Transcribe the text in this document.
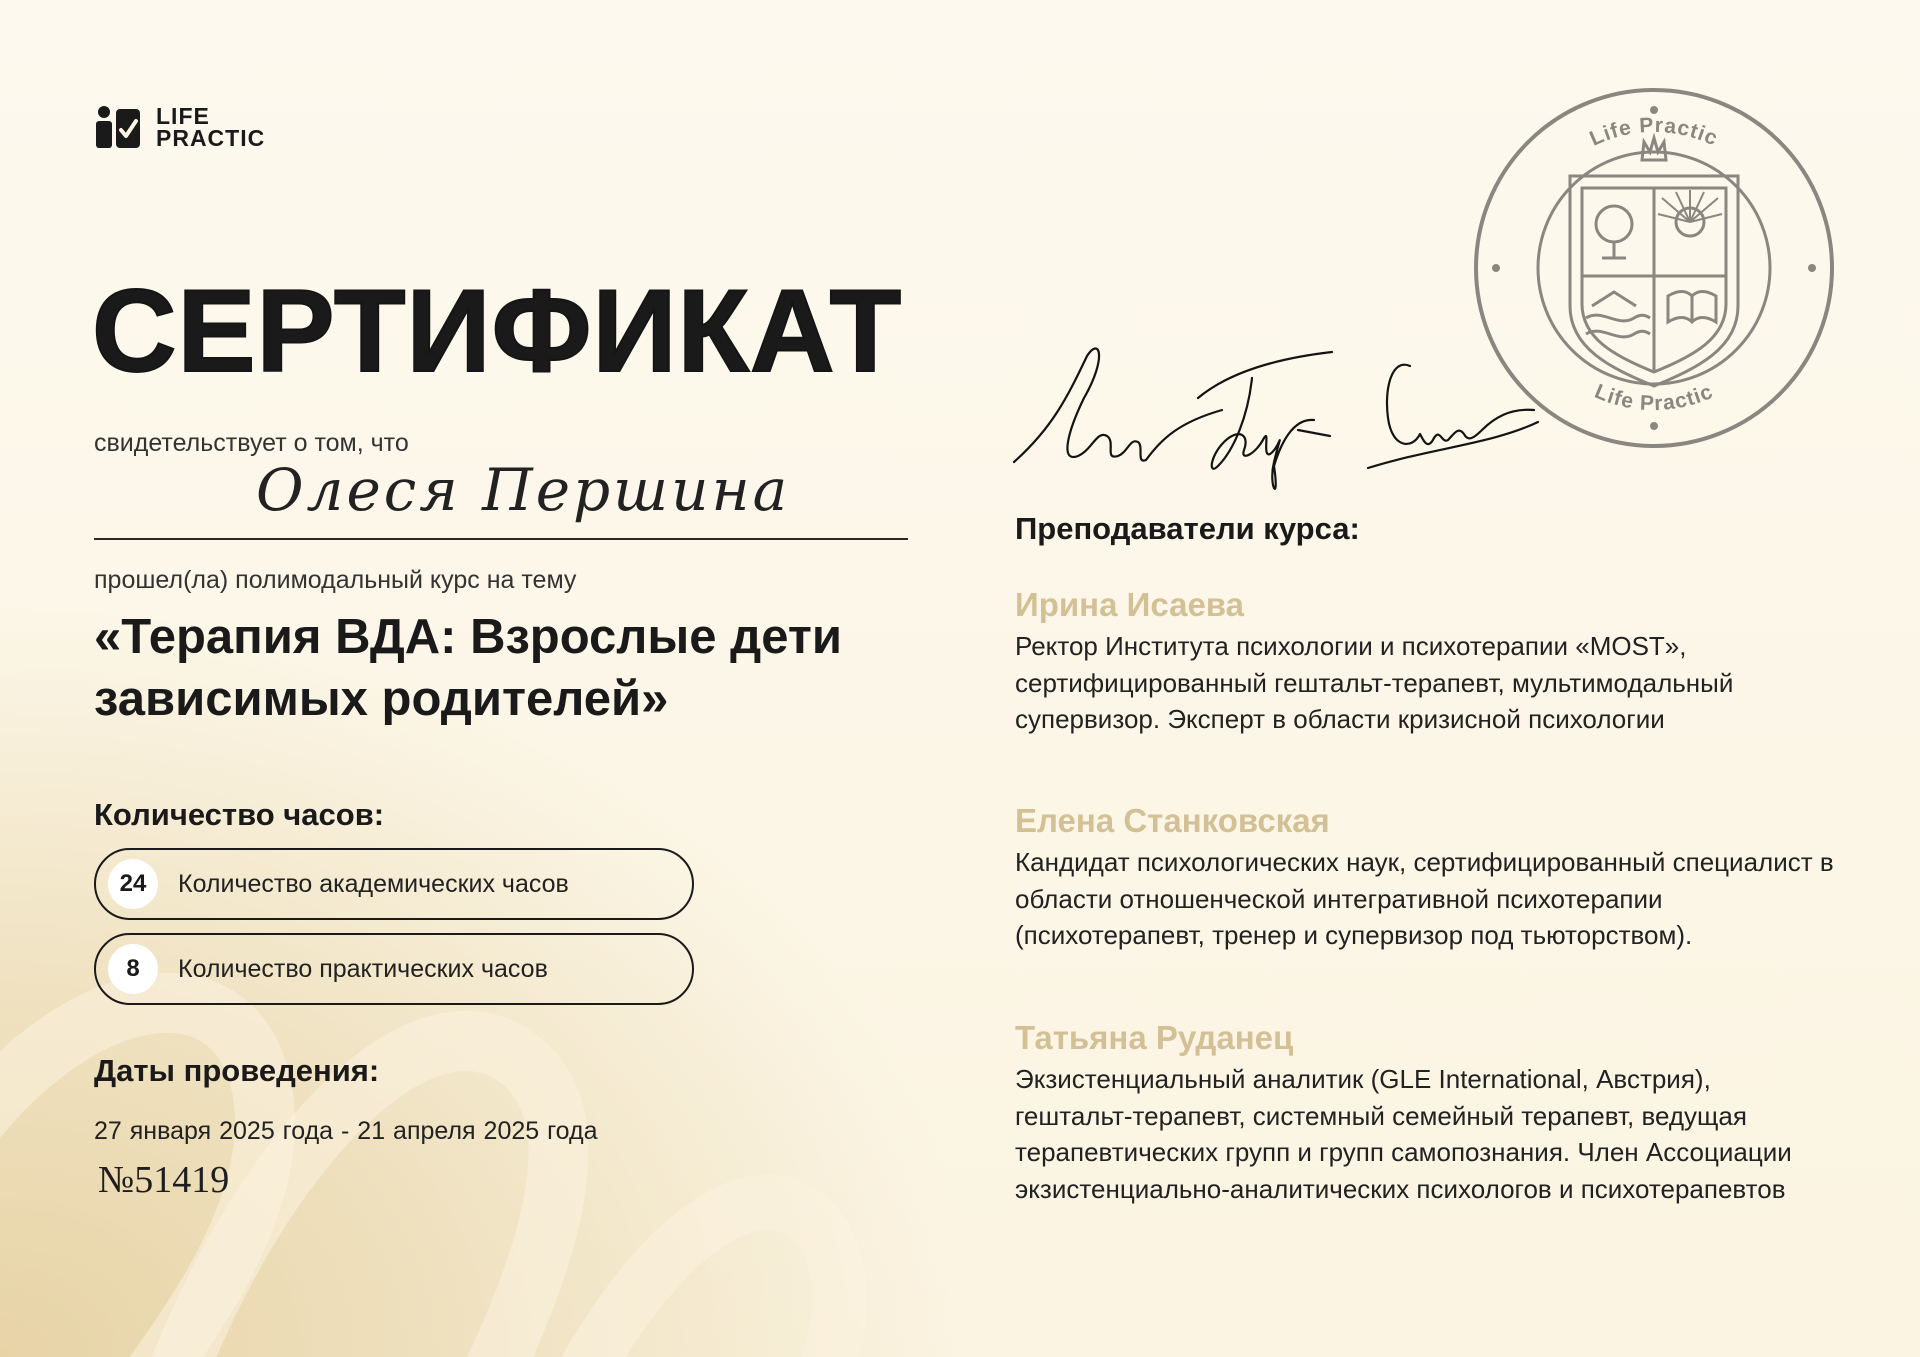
LIFE
PRACTIC
СЕРТИФИКАТ
свидетельствует о том, что
Олеся Першина
прошел(ла) полимодальный курс на тему
«Терапия ВДА: Взрослые дети зависимых родителей»
Количество часов:
24	Количество академических часов
8	Количество практических часов
Даты проведения:
27 января 2025 года - 21 апреля 2025 года
№51419
Life Practic
Life Practic
Преподаватели курса:
Ирина Исаева
Ректор Института психологии и психотерапии «MOST», сертифицированный гештальт-терапевт, мультимодальный супервизор. Эксперт в области кризисной психологии
Елена Станковская
Кандидат психологических наук, сертифицированный специалист в области отношенческой интегративной психотерапии (психотерапевт, тренер и супервизор под тьюторством).
Татьяна Руданец
Экзистенциальный аналитик (GLE International, Австрия), гештальт-терапевт, системный семейный терапевт, ведущая терапевтических групп и групп самопознания. Член Ассоциации экзистенциально-аналитических психологов и психотерапевтов
